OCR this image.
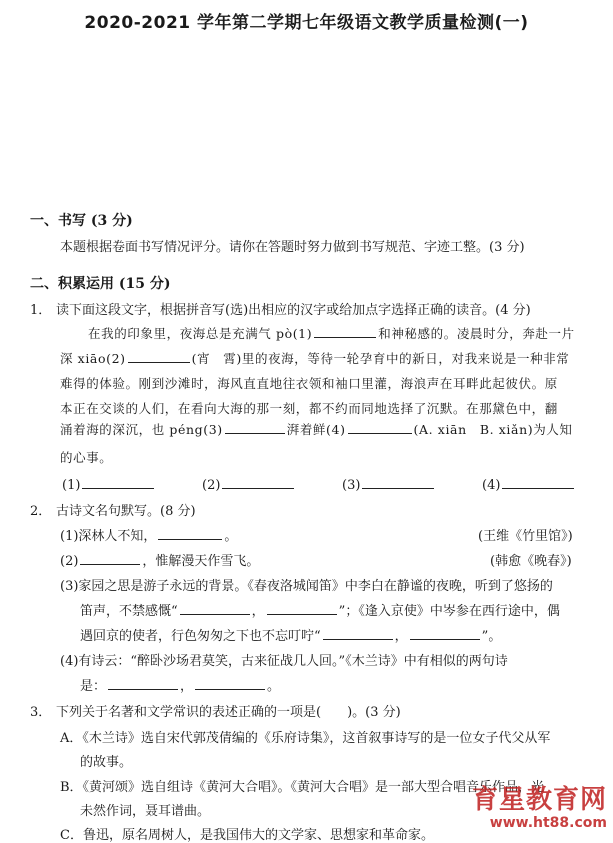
2020-2021 学年第二学期七年级语文教学质量检测(一)
一、书写 (3 分)
本题根据卷面书写情况评分。请你在答题时努力做到书写规范、字迹工整。(3 分)
二、积累运用 (15 分)
1． 读下面这段文字，根据拼音写(选)出相应的汉字或给加点字选择正确的读音。(4 分)
在我的印象里，夜海总是充满气 pò(1)	和神秘感的。凌晨时分，奔赴一片
深 xiāo(2)	(宵　霄)里的夜海，等待一轮孕育中的新日，对我来说是一种非常
难得的体验。刚到沙滩时，海风直直地往衣领和袖口里灌，海浪声在耳畔此起彼伏。原
本正在交谈的人们，在看向大海的那一刻，都不约而同地选择了沉默。在那黛色中，翻
涌着海的深沉，也 péng(3)	湃着鲜(4)	(A. xiān　B. xiǎn)为人知
的心事。
(1)	(2)	(3)	(4)
2． 古诗文名句默写。(8 分)
(1)深林人不知，	。	(王维《竹里馆》)
(2)	，惟解漫天作雪飞。	(韩愈《晚春》)
(3)家园之思是游子永远的背景。《春夜洛城闻笛》中李白在静谧的夜晚，听到了悠扬的
笛声，不禁感慨“	，	”；《逢入京使》中岑参在西行途中，偶
遇回京的使者，行色匆匆之下也不忘叮咛“	，	”。
(4)有诗云：“醉卧沙场君莫笑，古来征战几人回。”《木兰诗》中有相似的两句诗
是：	，	。
3． 下列关于名著和文学常识的表述正确的一项是(　　)。(3 分)
A．《木兰诗》选自宋代郭茂倩编的《乐府诗集》，这首叙事诗写的是一位女子代父从军
的故事。
B．《黄河颂》选自组诗《黄河大合唱》。《黄河大合唱》是一部大型合唱音乐作品，光
未然作词，聂耳谱曲。
C．鲁迅，原名周树人，是我国伟大的文学家、思想家和革命家。
育星教育网
www.ht88.com
